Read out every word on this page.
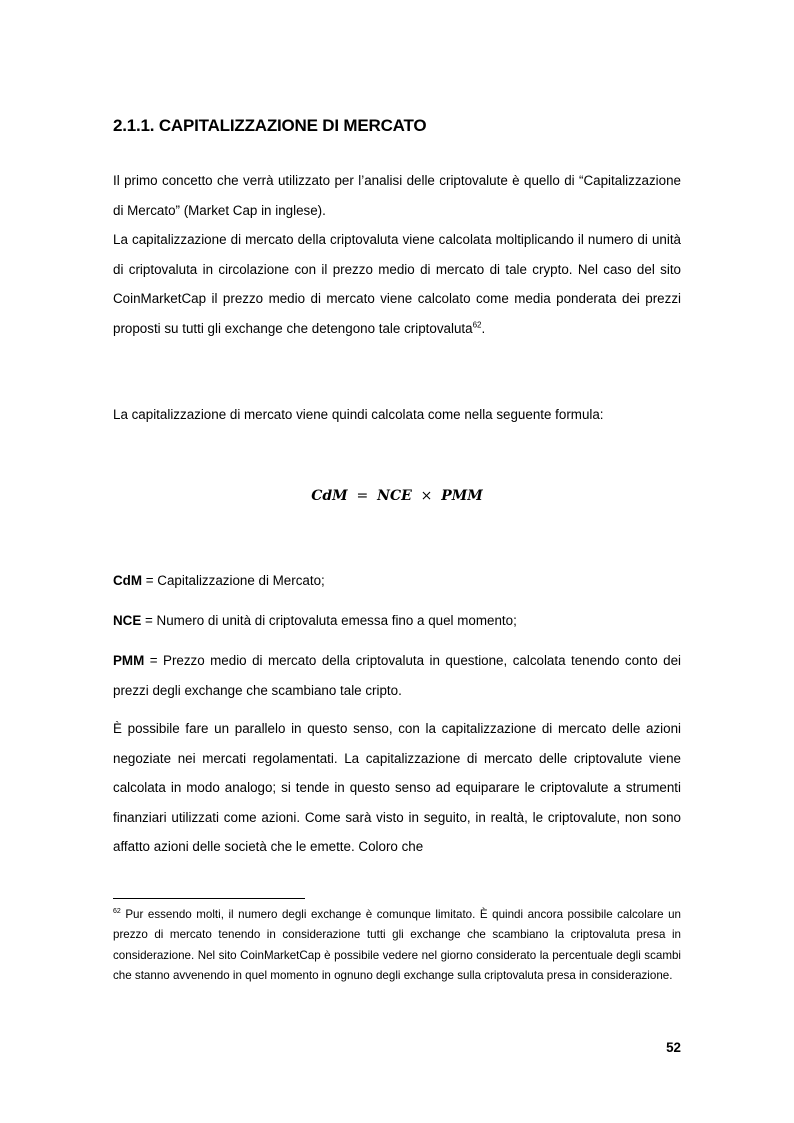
2.1.1. CAPITALIZZAZIONE DI MERCATO

Il primo concetto che verrà utilizzato per l’analisi delle criptovalute è quello di “Capitalizzazione di Mercato” (Market Cap in inglese).

La capitalizzazione di mercato della criptovaluta viene calcolata moltiplicando il numero di unità di criptovaluta in circolazione con il prezzo medio di mercato di tale crypto. Nel caso del sito CoinMarketCap il prezzo medio di mercato viene calcolato come media ponderata dei prezzi proposti su tutti gli exchange che detengono tale criptovaluta$^{62}$.

La capitalizzazione di mercato viene quindi calcolata come nella seguente formula:

CdM = NCE × PMM

CdM = Capitalizzazione di Mercato;

NCE = Numero di unità di criptovaluta emessa fino a quel momento;

PMM = Prezzo medio di mercato della criptovaluta in questione, calcolata tenendo conto dei prezzi degli exchange che scambiano tale cripto.

È possibile fare un parallelo in questo senso, con la capitalizzazione di mercato delle azioni negoziate nei mercati regolamentati. La capitalizzazione di mercato delle criptovalute viene calcolata in modo analogo; si tende in questo senso ad equiparare le criptovalute a strumenti finanziari utilizzati come azioni. Come sarà visto in seguito, in realtà, le criptovalute, non sono affatto azioni delle società che le emette. Coloro che

$^{62}$ Pur essendo molti, il numero degli exchange è comunque limitato. È quindi ancora possibile calcolare un prezzo di mercato tenendo in considerazione tutti gli exchange che scambiano la criptovaluta presa in considerazione. Nel sito CoinMarketCap è possibile vedere nel giorno considerato la percentuale degli scambi che stanno avvenendo in quel momento in ognuno degli exchange sulla criptovaluta presa in considerazione.

52
